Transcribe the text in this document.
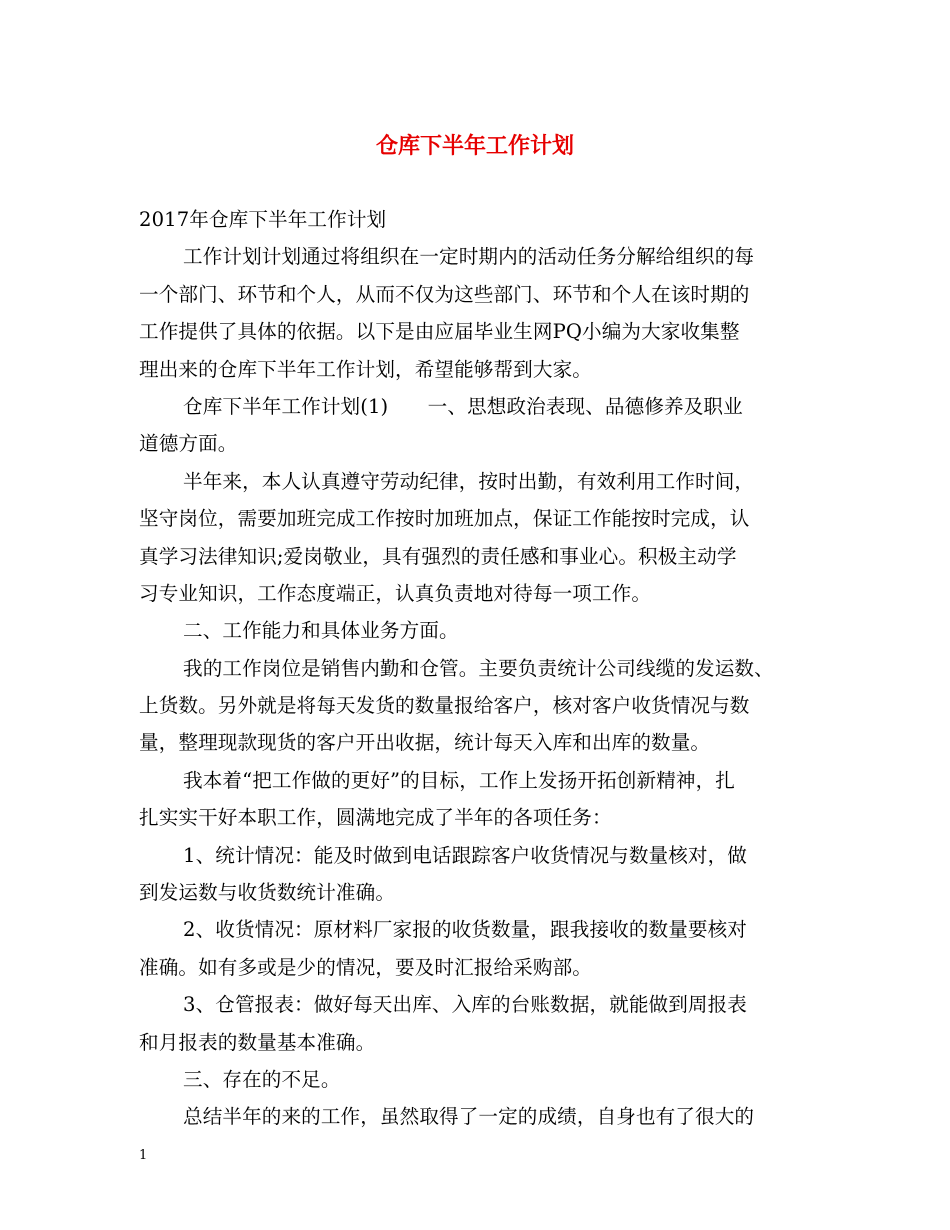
仓库下半年工作计划

2017年仓库下半年工作计划

工作计划计划通过将组织在一定时期内的活动任务分解给组织的每

一个部门、环节和个人，从而不仅为这些部门、环节和个人在该时期的

工作提供了具体的依据。以下是由应届毕业生网PQ小编为大家收集整

理出来的仓库下半年工作计划，希望能够帮到大家。

仓库下半年工作计划(1)　　一、思想政治表现、品德修养及职业

道德方面。

半年来，本人认真遵守劳动纪律，按时出勤，有效利用工作时间，

坚守岗位，需要加班完成工作按时加班加点，保证工作能按时完成，认

真学习法律知识;爱岗敬业，具有强烈的责任感和事业心。积极主动学

习专业知识，工作态度端正，认真负责地对待每一项工作。

二、工作能力和具体业务方面。

我的工作岗位是销售内勤和仓管。主要负责统计公司线缆的发运数、

上货数。另外就是将每天发货的数量报给客户，核对客户收货情况与数

量，整理现款现货的客户开出收据，统计每天入库和出库的数量。

我本着“把工作做的更好”的目标，工作上发扬开拓创新精神，扎

扎实实干好本职工作，圆满地完成了半年的各项任务：

1、统计情况：能及时做到电话跟踪客户收货情况与数量核对，做

到发运数与收货数统计准确。

2、收货情况：原材料厂家报的收货数量，跟我接收的数量要核对

准确。如有多或是少的情况，要及时汇报给采购部。

3、仓管报表：做好每天出库、入库的台账数据，就能做到周报表

和月报表的数量基本准确。

三、存在的不足。

总结半年的来的工作，虽然取得了一定的成绩，自身也有了很大的

1
